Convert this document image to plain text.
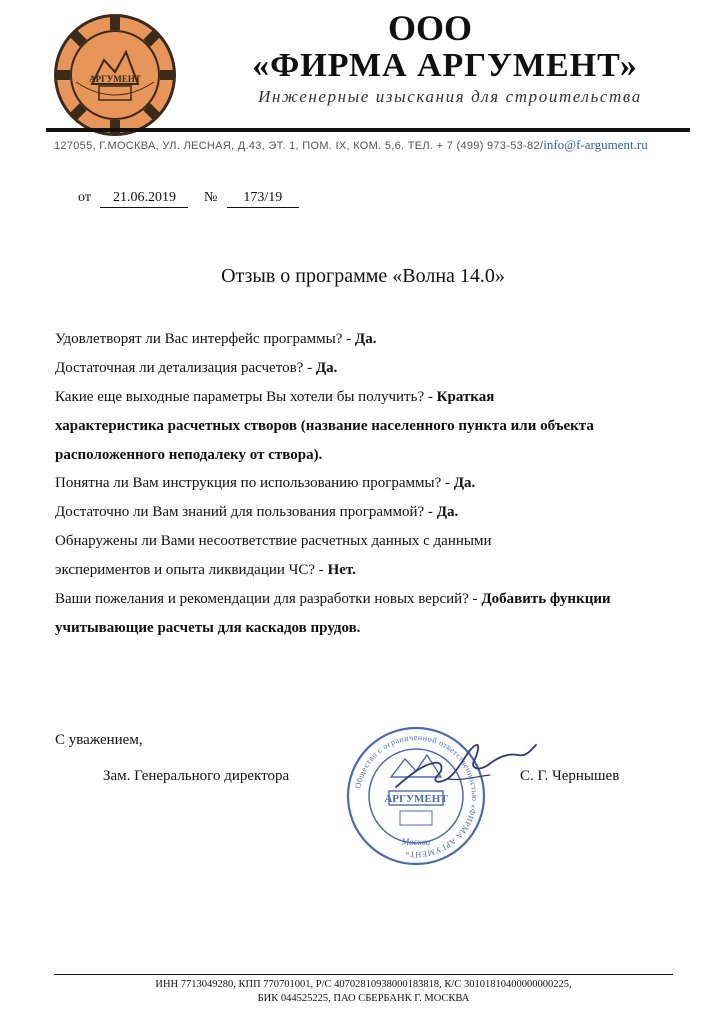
АРГУМЕНТ
ООО
«ФИРМА АРГУМЕНТ»
Инженерные изыскания для строительства
127055, Г.МОСКВА, УЛ. ЛЕСНАЯ, Д.43, ЭТ. 1, ПОМ. IX, КОМ. 5,6. ТЕЛ. + 7 (499) 973-53-82/info@f-argument.ru
от 21.06.2019 № 173/19
Отзыв о программе «Волна 14.0»
Удовлетворят ли Вас интерфейс программы? - Да.
Достаточная ли детализация расчетов? - Да.
Какие еще выходные параметры Вы хотели бы получить? - Краткая
характеристика расчетных створов (название населенного пункта или объекта
расположенного неподалеку от створа).
Понятна ли Вам инструкция по использованию программы? - Да.
Достаточно ли Вам знаний для пользования программой? - Да.
Обнаружены ли Вами несоответствие расчетных данных с данными
экспериментов и опыта ликвидации ЧС? - Нет.
Ваши пожелания и рекомендации для разработки новых версий? - Добавить функции
учитывающие расчеты для каскадов прудов.
С уважением,
Зам. Генерального директора
Общество с ограниченной ответственностью «ФИРМА АРГУМЕНТ»
АРГУМЕНТ
Москва
С. Г. Чернышев
ИНН 7713049280, КПП 770701001, Р/С 40702810938000183818, К/С 30101810400000000225,
БИК 044525225, ПАО СБЕРБАНК Г. МОСКВА
